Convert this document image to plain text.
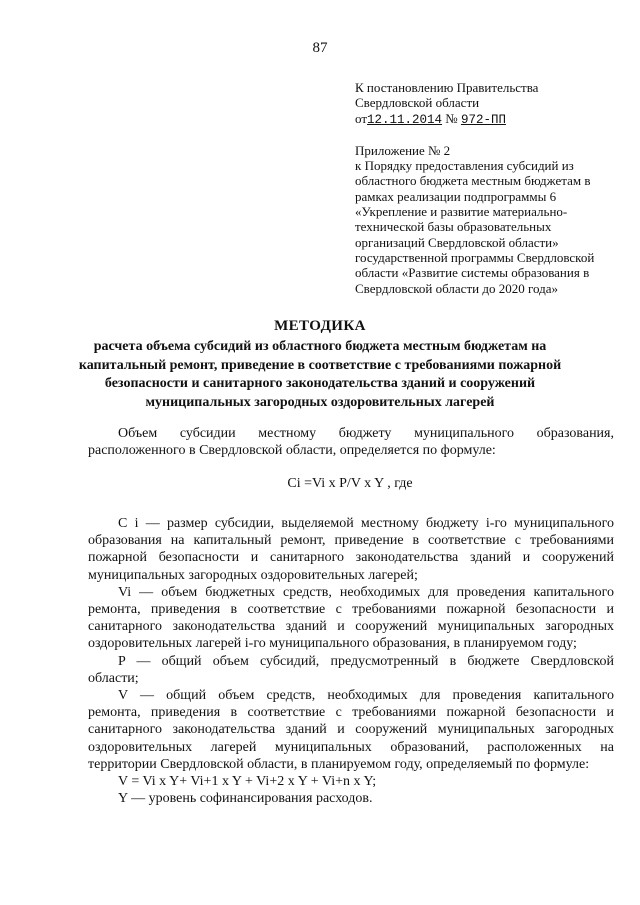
87
К постановлению Правительства
Свердловской области
от12.11.2014 № 972-ПП
Приложение № 2
к Порядку предоставления субсидий из
областного бюджета местным бюджетам в
рамках реализации подпрограммы 6
«Укрепление и развитие материально-
технической базы образовательных
организаций Свердловской области»
государственной программы Свердловской
области «Развитие системы образования в
Свердловской области до 2020 года»
МЕТОДИКА
расчета объема субсидий из областного бюджета местным бюджетам на
капитальный ремонт, приведение в соответствие с требованиями пожарной
безопасности и санитарного законодательства зданий и сооружений
муниципальных загородных оздоровительных лагерей
Объем субсидии местному бюджету муниципального образования,
расположенного в Свердловской области, определяется по формуле:
Ci =Vi x P/V x Y , где
C i — размер субсидии, выделяемой местному бюджету i-го муниципального
образования на капитальный ремонт, приведение в соответствие с требованиями
пожарной безопасности и санитарного законодательства зданий и сооружений
муниципальных загородных оздоровительных лагерей;
Vi — объем бюджетных средств, необходимых для проведения капитального
ремонта, приведения в соответствие с требованиями пожарной безопасности и
санитарного законодательства зданий и сооружений муниципальных загородных
оздоровительных лагерей i-го муниципального образования, в планируемом году;
P — общий объем субсидий, предусмотренный в бюджете Свердловской
области;
V — общий объем средств, необходимых для проведения капитального
ремонта, приведения в соответствие с требованиями пожарной безопасности и
санитарного законодательства зданий и сооружений муниципальных загородных
оздоровительных лагерей муниципальных образований, расположенных на
территории Свердловской области, в планируемом году, определяемый по формуле:
V = Vi x Y+ Vi+1 x Y + Vi+2 x Y + Vi+n x Y;
Y — уровень софинансирования расходов.
